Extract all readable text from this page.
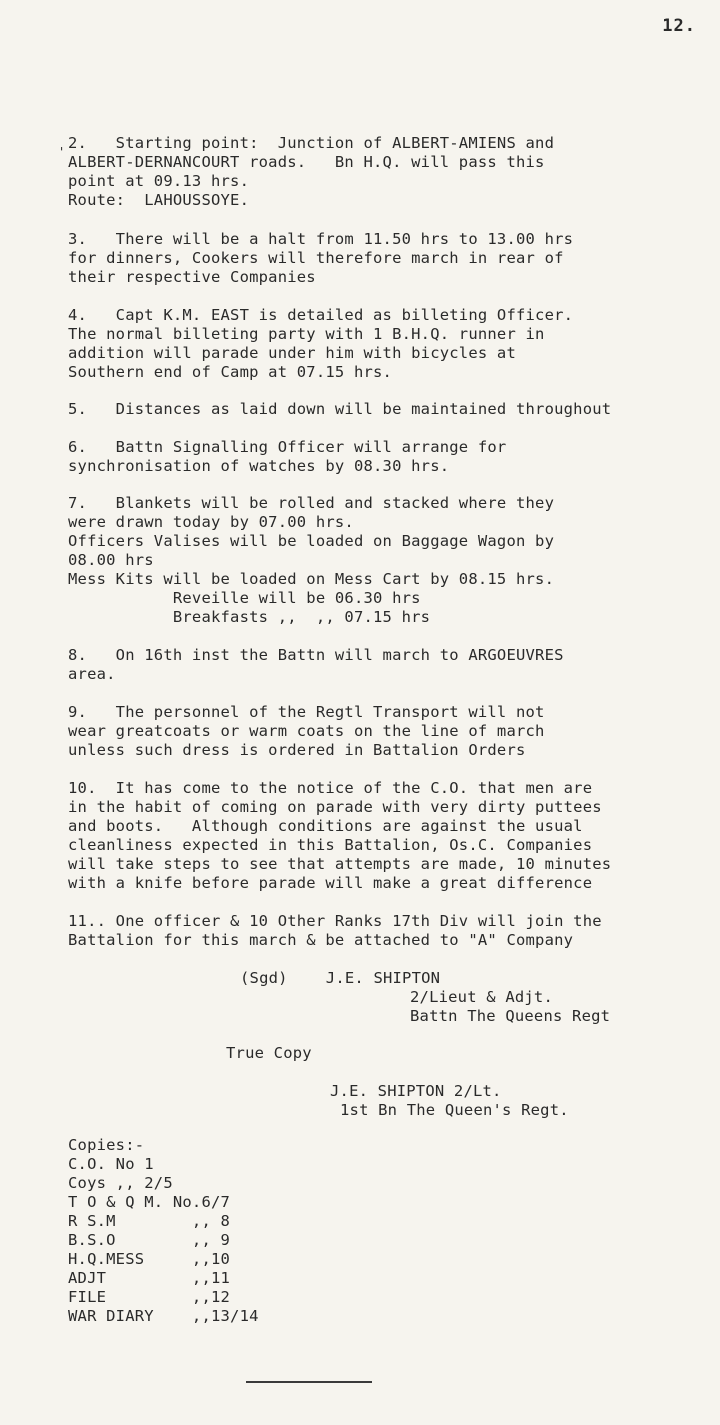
12.
' 2.   Starting point:  Junction of ALBERT-AMIENS and
ALBERT-DERNANCOURT roads.   Bn H.Q. will pass this
point at 09.13 hrs.
Route:  LAHOUSSOYE.
3.   There will be a halt from 11.50 hrs to 13.00 hrs
for dinners, Cookers will therefore march in rear of
their respective Companies
4.   Capt K.M. EAST is detailed as billeting Officer.
The normal billeting party with 1 B.H.Q. runner in
addition will parade under him with bicycles at
Southern end of Camp at 07.15 hrs.
5.   Distances as laid down will be maintained throughout
6.   Battn Signalling Officer will arrange for
synchronisation of watches by 08.30 hrs.
7.   Blankets will be rolled and stacked where they
were drawn today by 07.00 hrs.
Officers Valises will be loaded on Baggage Wagon by
08.00 hrs
Mess Kits will be loaded on Mess Cart by 08.15 hrs.
Reveille will be 06.30 hrs
Breakfasts ,,  ,, 07.15 hrs
8.   On 16th inst the Battn will march to ARGOEUVRES
area.
9.   The personnel of the Regtl Transport will not
wear greatcoats or warm coats on the line of march
unless such dress is ordered in Battalion Orders
10.  It has come to the notice of the C.O. that men are
in the habit of coming on parade with very dirty puttees
and boots.   Although conditions are against the usual
cleanliness expected in this Battalion, Os.C. Companies
will take steps to see that attempts are made, 10 minutes
with a knife before parade will make a great difference
11.. One officer & 10 Other Ranks 17th Div will join the
Battalion for this march & be attached to "A" Company
(Sgd)    J.E. SHIPTON
2/Lieut & Adjt.
Battn The Queens Regt
True Copy
J.E. SHIPTON 2/Lt.
1st Bn The Queen's Regt.
Copies:-
C.O. No 1
Coys ,, 2/5
T O & Q M. No.6/7
R S.M        ,, 8
B.S.O        ,, 9
H.Q.MESS     ,,10
ADJT         ,,11
FILE         ,,12
WAR DIARY    ,,13/14
